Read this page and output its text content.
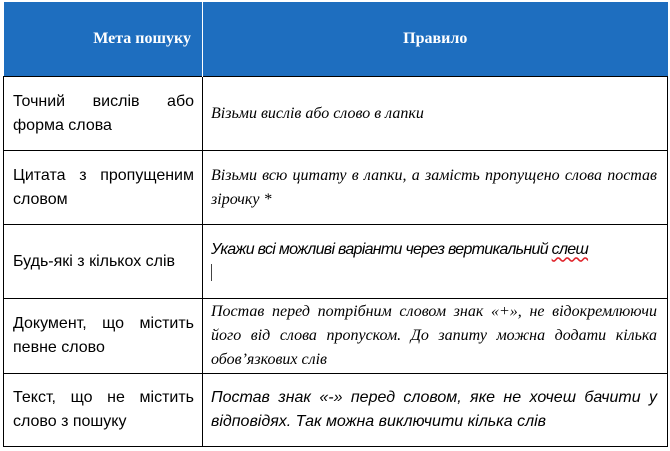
Мета пошуку	Правило
Точний вислів або форма слова	Візьми вислів або слово в лапки
Цитата з пропущеним словом	Візьми всю цитату в лапки, а замість пропущено слова постав зірочку *
Будь-які з кількох слів	Укажи всі можливі варіанти через вертикальний слеш

Документ, що містить певне слово	Постав перед потрібним словом знак «+», не відокремлюючи його від слова пропуском. До запиту можна додати кілька обов’язкових слів
Текст, що не містить слово з пошуку	Постав знак «-» перед словом, яке не хочеш бачити у відповідях. Так можна виключити кілька слів
